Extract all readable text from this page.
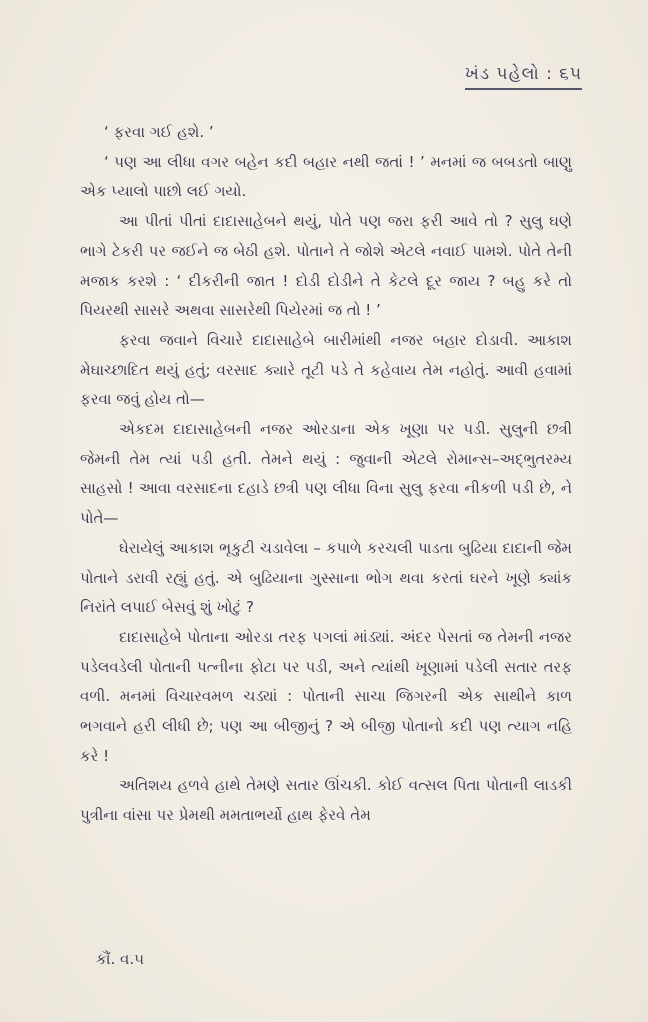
ખંડ પહેલો : ૬૫

‘ ફરવા ગઈ હશે. ’

‘ પણ આ લીધા વગર બહેન કદી બહાર નથી જતાં ! ’ મનમાં જ બબડતો બાણુ એક પ્યાલો પાછો લઈ ગયો.

આ પીતાં પીતાં દાદાસાહેબને થયું, પોતે પણ જરા ફરી આવે તો ? સુલુ ઘણે ભાગે ટેકરી પર જઈને જ બેઠી હશે. પોતાને તે જોશે એટલે નવાઈ પામશે. પોતે તેની મજાક કરશે : ‘ દીકરીની જાત ! દોડી દોડીને તે કેટલે દૂર જાય ? બહુ કરે તો પિયરથી સાસરે અથવા સાસરેથી પિયેરમાં જ તો ! ’

ફરવા જવાને વિચારે દાદાસાહેબે બારીમાંથી નજર બહાર દોડાવી. આકાશ મેઘાચ્છાદિત થયું હતું; વરસાદ ક્યારે તૂટી પડે તે કહેવાય તેમ નહોતું. આવી હવામાં ફરવા જવું હોય તો—

એકદમ દાદાસાહેબની નજર ઓરડાના એક ખૂણા પર પડી. સુલુની છત્રી જેમની તેમ ત્યાં પડી હતી. તેમને થયું : જુવાની એટલે રોમાન્સ–અદ્‌ભુતરમ્ય સાહસો ! આવા વરસાદના દહાડે છત્રી પણ લીધા વિના સુલુ ફરવા નીકળી પડી છે, ને પોતે—

ઘેરાયેલું આકાશ ભૃકુટી ચડાવેલા – કપાળે કરચલી પાડતા બુઢિયા દાદાની જેમ પોતાને ડરાવી રહ્યું હતું. એ બુઢિયાના ગુસ્સાના ભોગ થવા કરતાં ઘરને ખૂણે ક્યાંક નિરાંતે લપાઈ બેસવું શું ખોટું ?

દાદાસાહેબે પોતાના ઓરડા તરફ પગલાં માંડ્યાં. અંદર પેસતાં જ તેમની નજર પડેલવડેલી પોતાની પત્નીના ફોટા પર પડી, અને ત્યાંથી ખૂણામાં પડેલી સતાર તરફ વળી. મનમાં વિચારવમળ ચડ્યાં : પોતાની સાચા જિગરની એક સાથીને કાળ ભગવાને હરી લીધી છે; પણ આ બીજીનું ? એ બીજી પોતાનો કદી પણ ત્યાગ નહિ કરે !

અતિશય હળવે હાથે તેમણે સતાર ઊંચકી. કોઈ વત્સલ પિતા પોતાની લાડકી પુત્રીના વાંસા પર પ્રેમથી મમતાભર્યો હાથ ફેરવે તેમ

કૌં. વ.૫
